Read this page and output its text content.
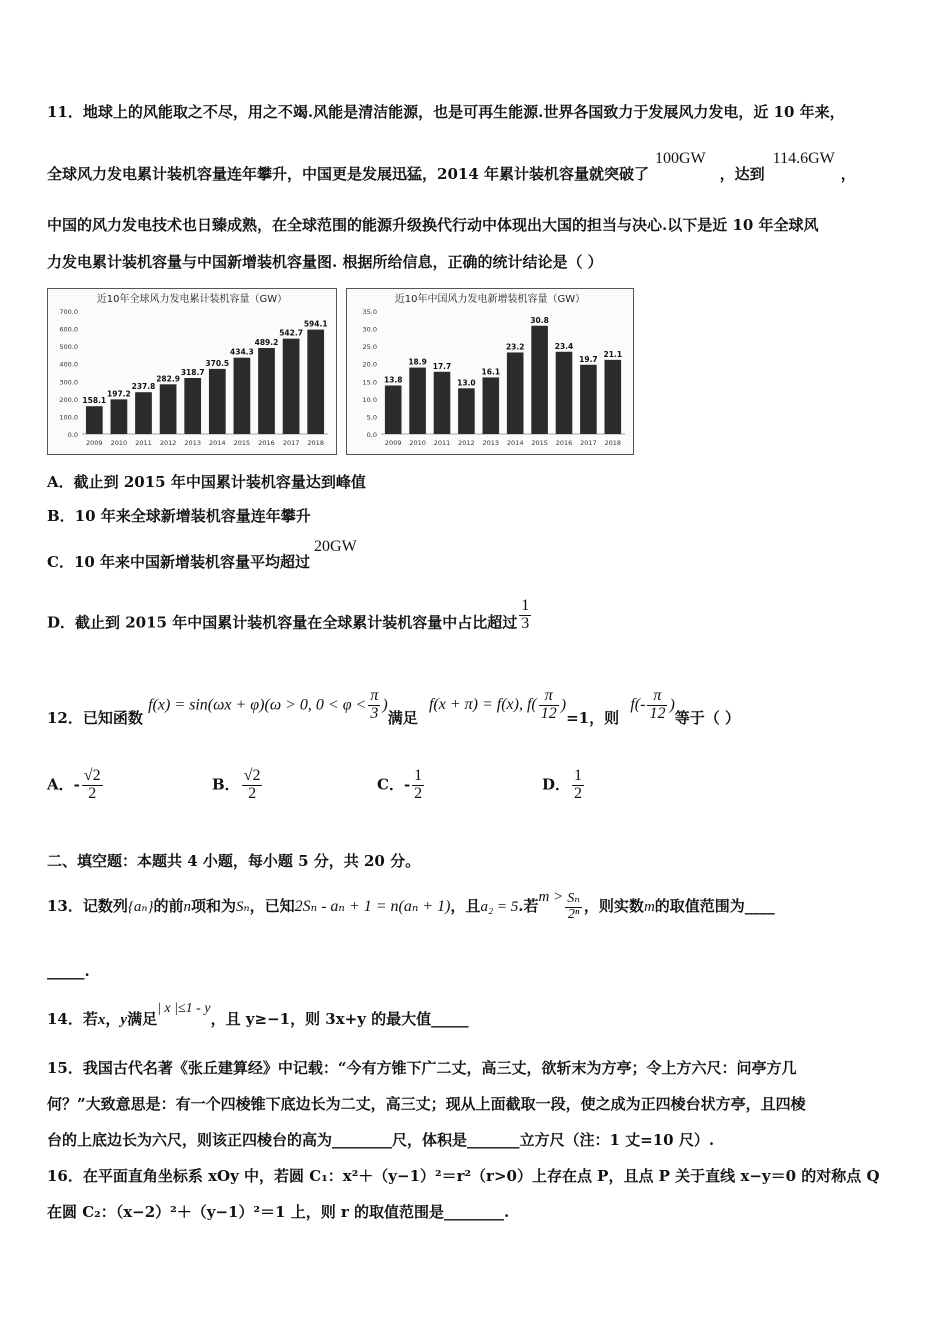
11．地球上的风能取之不尽，用之不竭.风能是清洁能源，也是可再生能源.世界各国致力于发展风力发电，近 10 年来，
全球风力发电累计装机容量连年攀升，中国更是发展迅猛，2014 年累计装机容量就突破了100GW，达到114.6GW，
中国的风力发电技术也日臻成熟，在全球范围的能源升级换代行动中体现出大国的担当与决心.以下是近 10 年全球风
力发电累计装机容量与中国新增装机容量图. 根据所给信息，正确的统计结论是（ ）
近10年全球风力发电累计装机容量（GW）
0.0
100.0
200.0
300.0
400.0
500.0
600.0
700.0
158.1
2009
197.2
2010
237.8
2011
282.9
2012
318.7
2013
370.5
2014
434.3
2015
489.2
2016
542.7
2017
594.1
2018
近10年中国风力发电新增装机容量（GW）
0.0
5.0
10.0
15.0
20.0
25.0
30.0
35.0
13.8
2009
18.9
2010
17.7
2011
13.0
2012
16.1
2013
23.2
2014
30.8
2015
23.4
2016
19.7
2017
21.1
2018
A．截止到 2015 年中国累计装机容量达到峰值
B．10 年来全球新增装机容量连年攀升
C．10 年来中国新增装机容量平均超过20GW
D．截止到 2015 年中国累计装机容量在全球累计装机容量中占比超过 $\frac{1}{3}$
12．已知函数 f(x) = sin(ωx + φ)(ω > 0, $0 < \varphi < \frac{\pi}{3}$ )满足 f(x + π) = f(x), $f( \frac{\pi}{12} )=1$，则 $f(- \frac{\pi}{12}$ )等于（ ）
A．- $\frac{√2}{2}$	B． $\frac{√2}{2}$	C．- $\frac{1}{2}$	D． $\frac{1}{2}$
二、填空题：本题共 4 小题，每小题 5 分，共 20 分。
13．记数列{aₙ}的前n项和为Sₙ，已知2Sₙ - aₙ + 1 = n(aₙ + 1)，且a₂ = 5.若$m > \frac{\text{Sₙ}}{\text{2ⁿ}}$ ，则实数m的取值范围为____
_____.
14．若x，y满足| x |≤1 - y，且 y≥−1，则 3x+y 的最大值_____
15．我国古代名著《张丘建算经》中记载：“今有方锥下广二丈，高三丈，欲斩末为方亭；令上方六尺：问亭方几
何？”大致意思是：有一个四棱锥下底边长为二丈，高三丈；现从上面截取一段，使之成为正四棱台状方亭，且四棱
台的上底边长为六尺，则该正四棱台的高为________尺，体积是_______立方尺（注：1 丈=10 尺）.
16．在平面直角坐标系 xOy 中，若圆 C₁：x²＋（y−1）²＝r²（r>0）上存在点 P，且点 P 关于直线 x−y＝0 的对称点 Q
在圆 C₂：（x−2）²＋（y−1）²＝1 上，则 r 的取值范围是________.
